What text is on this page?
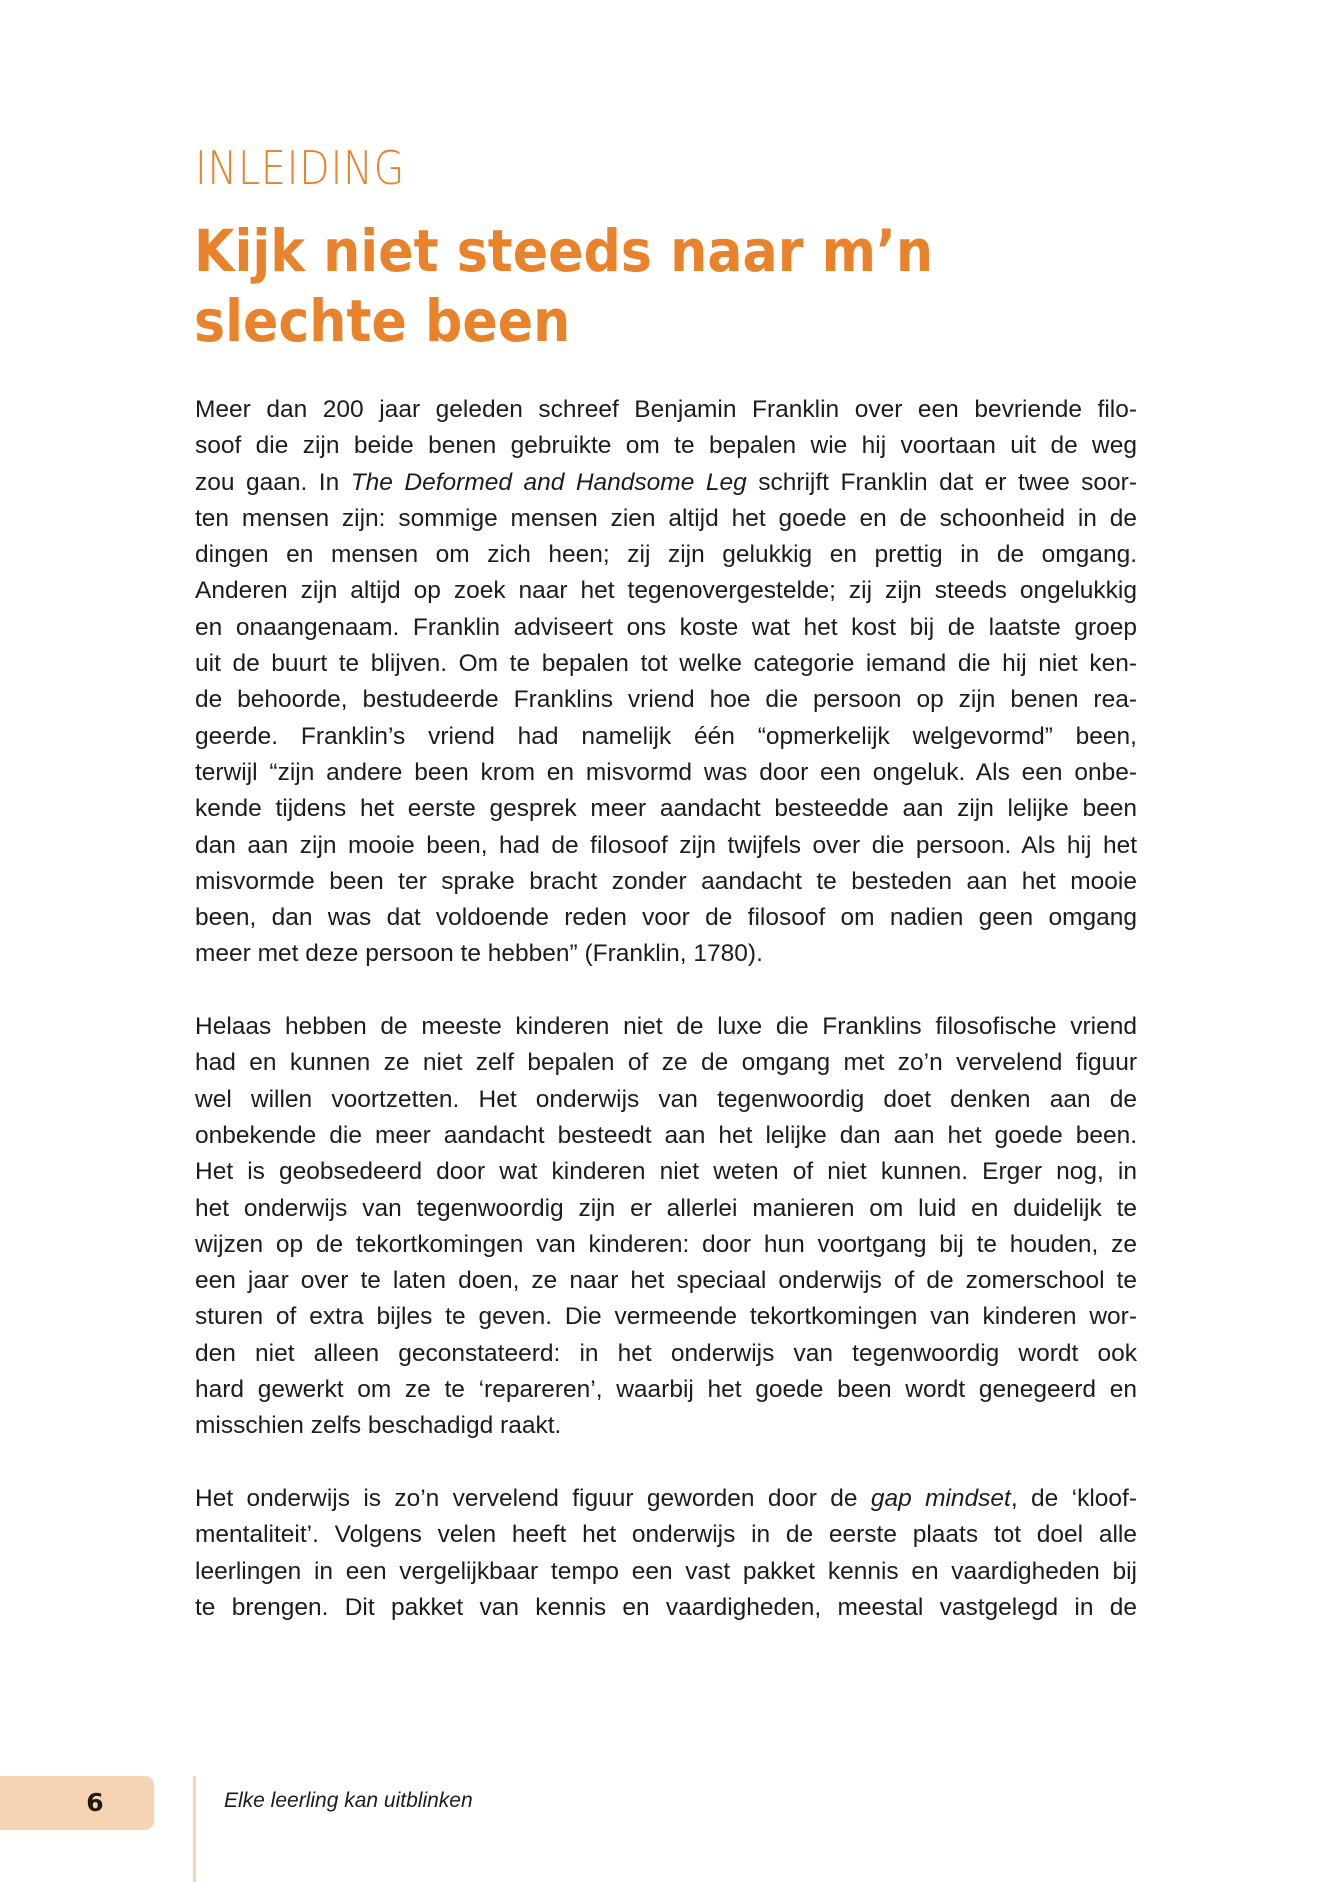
INLEIDING
Kijk niet steeds naar m’n
slechte been
Meer dan 200 jaar geleden schreef Benjamin Franklin over een bevriende filo-
soof die zijn beide benen gebruikte om te bepalen wie hij voortaan uit de weg
zou gaan. In The Deformed and Handsome Leg schrijft Franklin dat er twee soor-
ten mensen zijn: sommige mensen zien altijd het goede en de schoonheid in de
dingen en mensen om zich heen; zij zijn gelukkig en prettig in de omgang.
Anderen zijn altijd op zoek naar het tegenovergestelde; zij zijn steeds ongelukkig
en onaangenaam. Franklin adviseert ons koste wat het kost bij de laatste groep
uit de buurt te blijven. Om te bepalen tot welke categorie iemand die hij niet ken-
de behoorde, bestudeerde Franklins vriend hoe die persoon op zijn benen rea-
geerde. Franklin’s vriend had namelijk één “opmerkelijk welgevormd” been,
terwijl “zijn andere been krom en misvormd was door een ongeluk. Als een onbe-
kende tijdens het eerste gesprek meer aandacht besteedde aan zijn lelijke been
dan aan zijn mooie been, had de filosoof zijn twijfels over die persoon. Als hij het
misvormde been ter sprake bracht zonder aandacht te besteden aan het mooie
been, dan was dat voldoende reden voor de filosoof om nadien geen omgang
meer met deze persoon te hebben” (Franklin, 1780).
Helaas hebben de meeste kinderen niet de luxe die Franklins filosofische vriend
had en kunnen ze niet zelf bepalen of ze de omgang met zo’n vervelend figuur
wel willen voortzetten. Het onderwijs van tegenwoordig doet denken aan de
onbekende die meer aandacht besteedt aan het lelijke dan aan het goede been.
Het is geobsedeerd door wat kinderen niet weten of niet kunnen. Erger nog, in
het onderwijs van tegenwoordig zijn er allerlei manieren om luid en duidelijk te
wijzen op de tekortkomingen van kinderen: door hun voortgang bij te houden, ze
een jaar over te laten doen, ze naar het speciaal onderwijs of de zomerschool te
sturen of extra bijles te geven. Die vermeende tekortkomingen van kinderen wor-
den niet alleen geconstateerd: in het onderwijs van tegenwoordig wordt ook
hard gewerkt om ze te ‘repareren’, waarbij het goede been wordt genegeerd en
misschien zelfs beschadigd raakt.
Het onderwijs is zo’n vervelend figuur geworden door de gap mindset, de ‘kloof-
mentaliteit’. Volgens velen heeft het onderwijs in de eerste plaats tot doel alle
leerlingen in een vergelijkbaar tempo een vast pakket kennis en vaardigheden bij
te brengen. Dit pakket van kennis en vaardigheden, meestal vastgelegd in de
6	Elke leerling kan uitblinken
